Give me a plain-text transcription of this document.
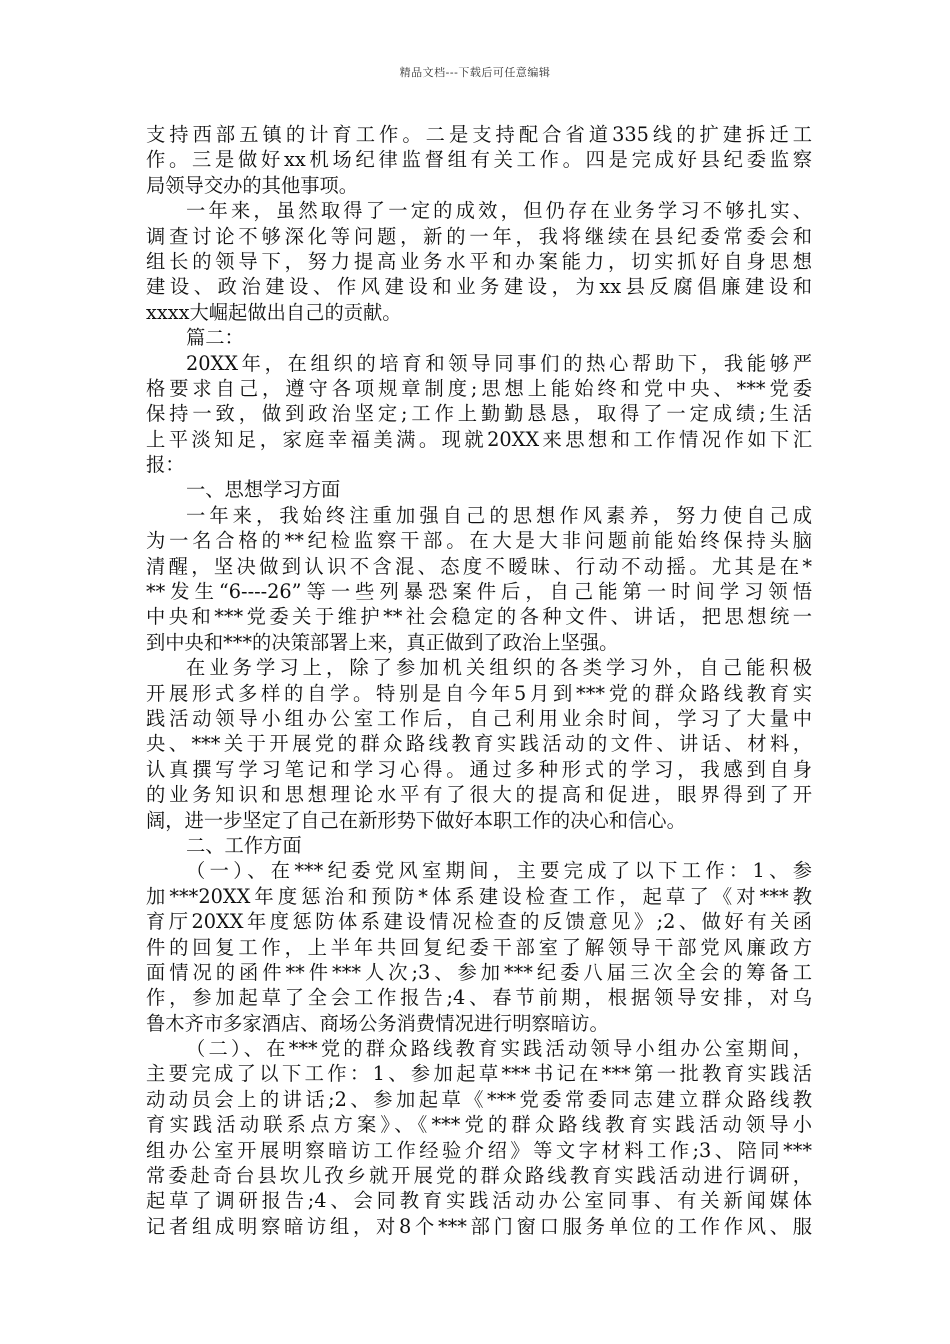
精品文档---下载后可任意编辑
支持西部五镇的计育工作。二是支持配合省道335线的扩建拆迁工
作。三是做好xx机场纪律监督组有关工作。四是完成好县纪委监察
局领导交办的其他事项。
一年来，虽然取得了一定的成效，但仍存在业务学习不够扎实、
调查讨论不够深化等问题，新的一年，我将继续在县纪委常委会和
组长的领导下，努力提高业务水平和办案能力，切实抓好自身思想
建设、政治建设、作风建设和业务建设，为xx县反腐倡廉建设和
xxxx大崛起做出自己的贡献。
篇二：
20XX年，在组织的培育和领导同事们的热心帮助下，我能够严
格要求自己，遵守各项规章制度;思想上能始终和党中央、***党委
保持一致，做到政治坚定;工作上勤勤恳恳，取得了一定成绩;生活
上平淡知足，家庭幸福美满。现就20XX来思想和工作情况作如下汇
报：
一、思想学习方面
一年来，我始终注重加强自己的思想作风素养，努力使自己成
为一名合格的**纪检监察干部。在大是大非问题前能始终保持头脑
清醒，坚决做到认识不含混、态度不暧昧、行动不动摇。尤其是在*
**发生“6----26”等一些列暴恐案件后，自己能第一时间学习领悟
中央和***党委关于维护**社会稳定的各种文件、讲话，把思想统一
到中央和***的决策部署上来，真正做到了政治上坚强。
在业务学习上，除了参加机关组织的各类学习外，自己能积极
开展形式多样的自学。特别是自今年5月到***党的群众路线教育实
践活动领导小组办公室工作后，自己利用业余时间，学习了大量中
央、***关于开展党的群众路线教育实践活动的文件、讲话、材料，
认真撰写学习笔记和学习心得。通过多种形式的学习，我感到自身
的业务知识和思想理论水平有了很大的提高和促进，眼界得到了开
阔，进一步坚定了自己在新形势下做好本职工作的决心和信心。
二、工作方面
（一）、在***纪委党风室期间，主要完成了以下工作：1、参
加***20XX年度惩治和预防*体系建设检查工作，起草了《对***教
育厅20XX年度惩防体系建设情况检查的反馈意见》;2、做好有关函
件的回复工作，上半年共回复纪委干部室了解领导干部党风廉政方
面情况的函件**件***人次;3、参加***纪委八届三次全会的筹备工
作，参加起草了全会工作报告;4、春节前期，根据领导安排，对乌
鲁木齐市多家酒店、商场公务消费情况进行明察暗访。
（二）、在***党的群众路线教育实践活动领导小组办公室期间，
主要完成了以下工作：1、参加起草***书记在***第一批教育实践活
动动员会上的讲话;2、参加起草《***党委常委同志建立群众路线教
育实践活动联系点方案》、《***党的群众路线教育实践活动领导小
组办公室开展明察暗访工作经验介绍》等文字材料工作;3、陪同***
常委赴奇台县坎儿孜乡就开展党的群众路线教育实践活动进行调研，
起草了调研报告;4、会同教育实践活动办公室同事、有关新闻媒体
记者组成明察暗访组，对8个***部门窗口服务单位的工作作风、服
